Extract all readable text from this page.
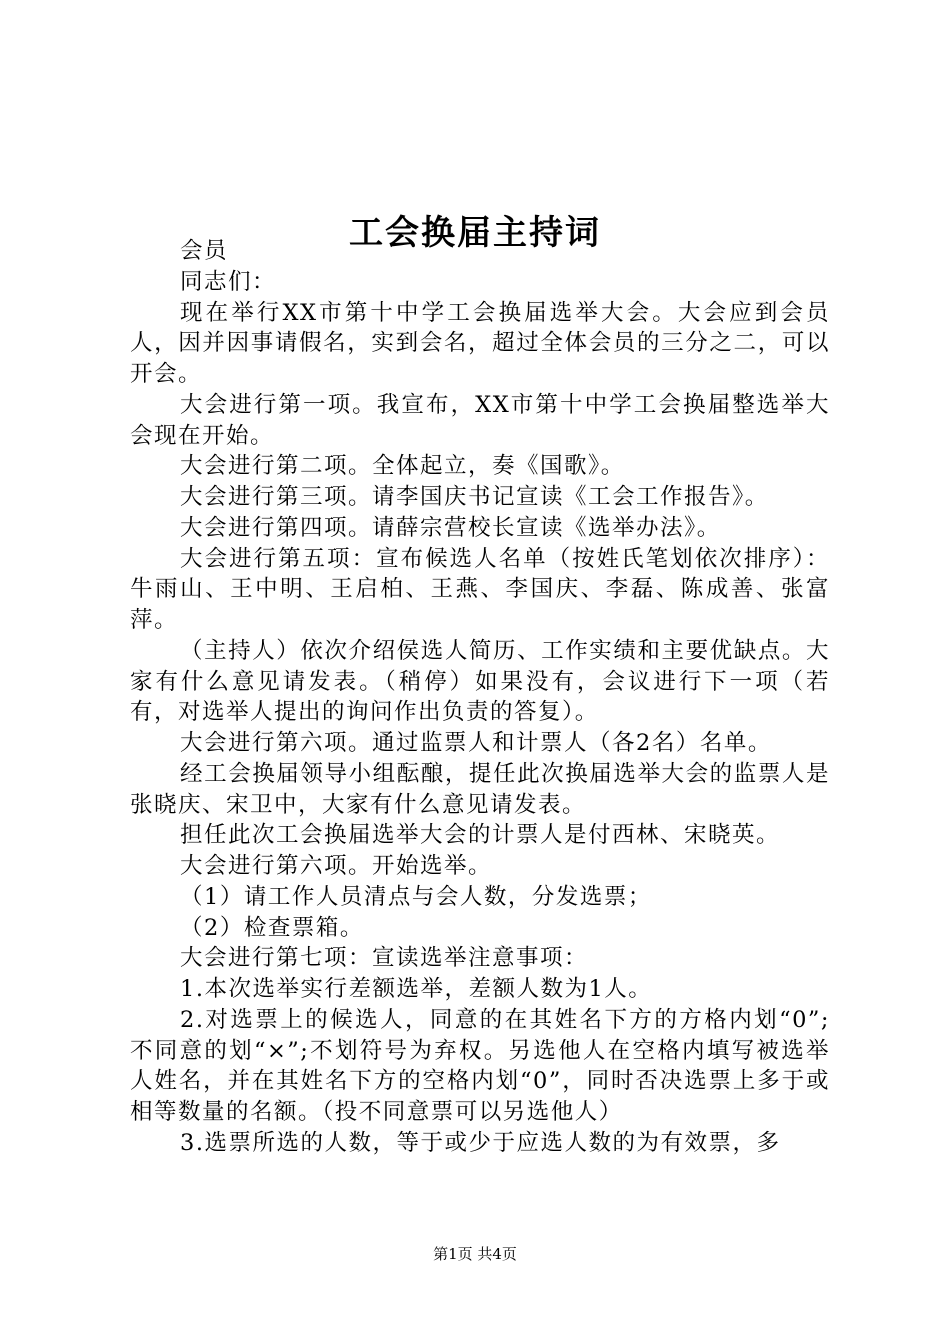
工会换届主持词

会员

同志们：

现在举行XX市第十中学工会换届选举大会。大会应到会员人，因并因事请假名，实到会名，超过全体会员的三分之二，可以开会。

大会进行第一项。我宣布，XX市第十中学工会换届整选举大会现在开始。

大会进行第二项。全体起立，奏《国歌》。

大会进行第三项。请李国庆书记宣读《工会工作报告》。

大会进行第四项。请薛宗营校长宣读《选举办法》。

大会进行第五项：宣布候选人名单（按姓氏笔划依次排序）：牛雨山、王中明、王启柏、王燕、李国庆、李磊、陈成善、张富萍。

（主持人）依次介绍侯选人简历、工作实绩和主要优缺点。大家有什么意见请发表。（稍停）如果没有，会议进行下一项（若有，对选举人提出的询问作出负责的答复）。

大会进行第六项。通过监票人和计票人（各2名）名单。

经工会换届领导小组酝酿，提任此次换届选举大会的监票人是张晓庆、宋卫中，大家有什么意见请发表。

担任此次工会换届选举大会的计票人是付西林、宋晓英。

大会进行第六项。开始选举。

（1）请工作人员清点与会人数，分发选票；

（2）检查票箱。

大会进行第七项：宣读选举注意事项：

1.本次选举实行差额选举，差额人数为1人。

2.对选票上的候选人，同意的在其姓名下方的方格内划“0”;不同意的划“×”;不划符号为弃权。另选他人在空格内填写被选举人姓名，并在其姓名下方的空格内划“0”，同时否决选票上多于或相等数量的名额。（投不同意票可以另选他人）

3.选票所选的人数，等于或少于应选人数的为有效票，多

第1页 共4页
